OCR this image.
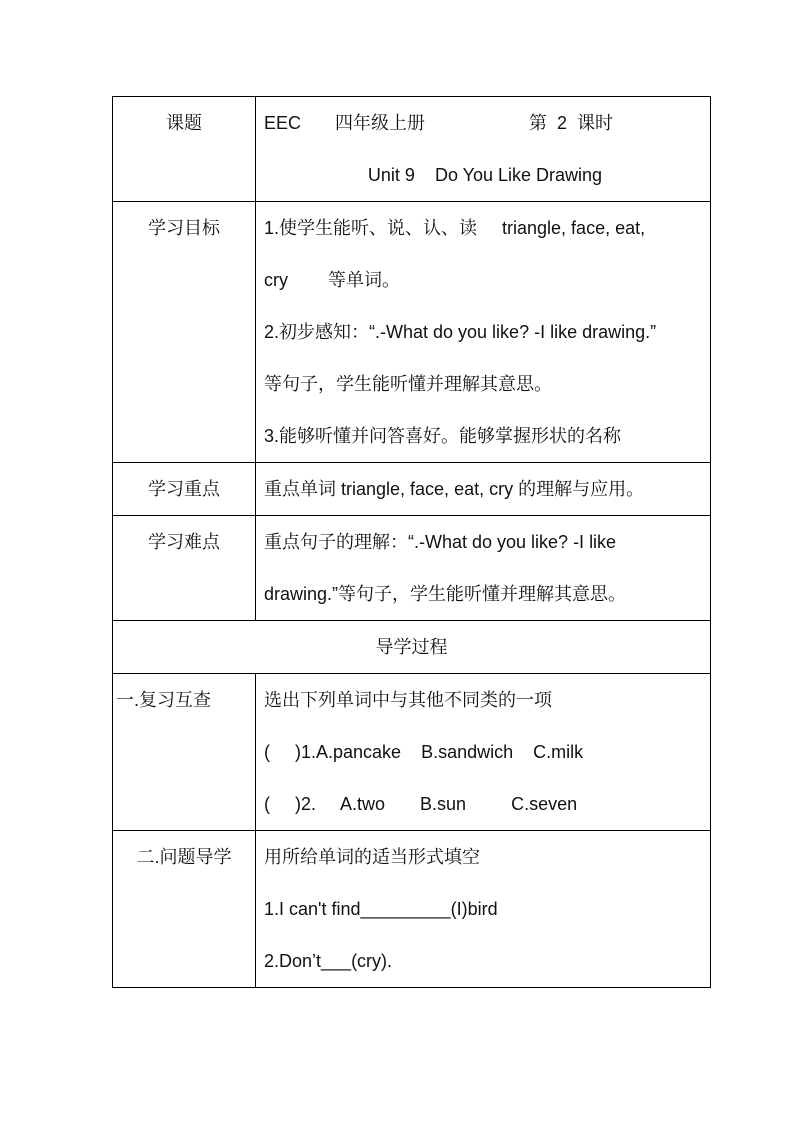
课题	EEC 四年级上册 第  2  课时
Unit 9    Do You Like Drawing

学习目标	1.使学生能听、说、认、读     triangle, face, eat,
cry        等单词。
2.初步感知：“.-What do you like? -I like drawing.”
等句子，学生能听懂并理解其意思。
3.能够听懂并问答喜好。能够掌握形状的名称

学习重点	重点单词 triangle, face, eat, cry 的理解与应用。

学习难点	重点句子的理解：“.-What do you like? -I like
drawing.”等句子，学生能听懂并理解其意思。

导学过程	
一.复习互查	选出下列单词中与其他不同类的一项
(     )1.A.pancake    B.sandwich    C.milk
(     )2.     A.two       B.sun         C.seven

二.问题导学	用所给单词的适当形式填空
1.I can't find_________(I)bird
2.Don’t___(cry).
